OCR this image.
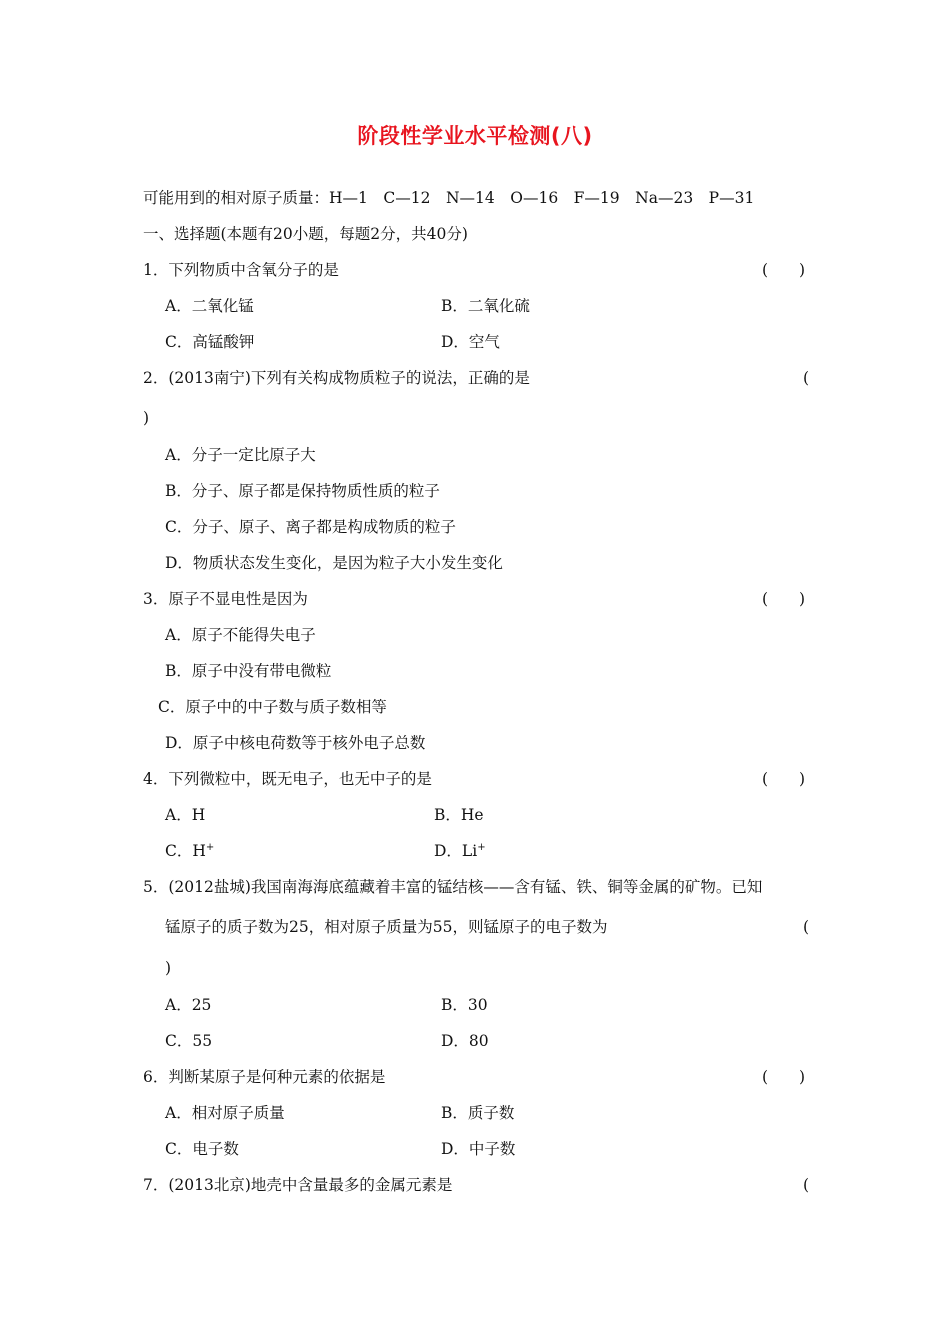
阶段性学业水平检测(八)
可能用到的相对原子质量：H—1　C—12　N—14　O—16　F—19　Na—23　P—31
一、选择题(本题有20小题，每题2分，共40分)
1．下列物质中含氧分子的是	(　　)
A．二氧化锰	B．二氧化硫
C．高锰酸钾	D．空气
2．(2013南宁)下列有关构成物质粒子的说法，正确的是	(
)
A．分子一定比原子大
B．分子、原子都是保持物质性质的粒子
C．分子、原子、离子都是构成物质的粒子
D．物质状态发生变化，是因为粒子大小发生变化
3．原子不显电性是因为	(　　)
A．原子不能得失电子
B．原子中没有带电微粒
C．原子中的中子数与质子数相等
D．原子中核电荷数等于核外电子总数
4．下列微粒中，既无电子，也无中子的是	(　　)
A．H	B．He
C．H+	D．Li+
5．(2012盐城)我国南海海底蕴藏着丰富的锰结核——含有锰、铁、铜等金属的矿物。已知
锰原子的质子数为25，相对原子质量为55，则锰原子的电子数为	(
)
A．25	B．30
C．55	D．80
6．判断某原子是何种元素的依据是	(　　)
A．相对原子质量	B．质子数
C．电子数	D．中子数
7．(2013北京)地壳中含量最多的金属元素是	(
